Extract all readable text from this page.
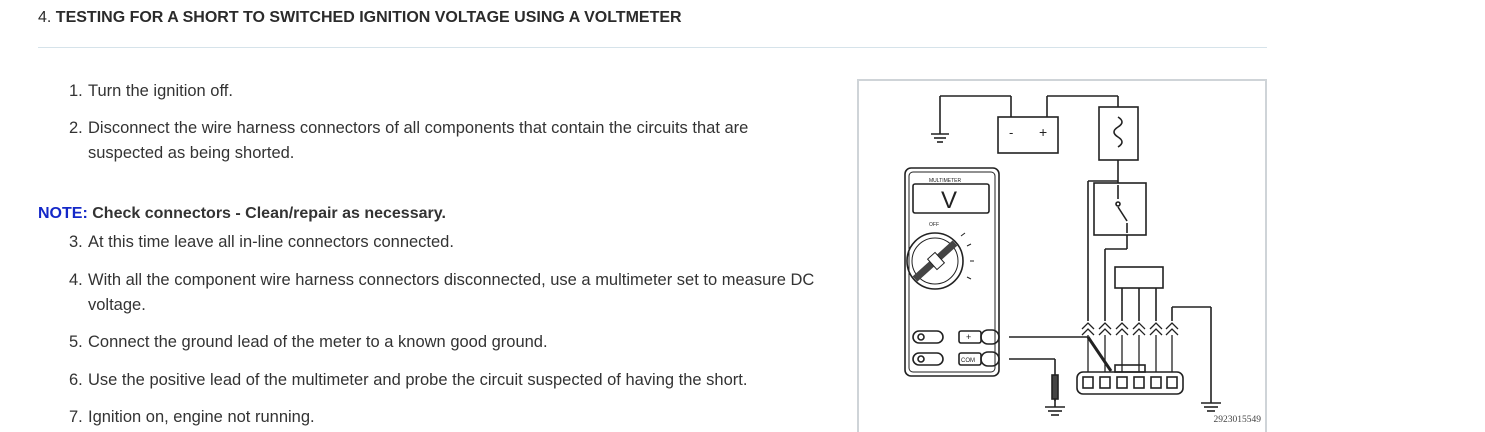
4. TESTING FOR A SHORT TO SWITCHED IGNITION VOLTAGE USING A VOLTMETER
1. Turn the ignition off.
2. Disconnect the wire harness connectors of all components that contain the circuits that are suspected as being shorted.
NOTE: Check connectors - Clean/repair as necessary.
3. At this time leave all in-line connectors connected.
4. With all the component wire harness connectors disconnected, use a multimeter set to measure DC voltage.
5. Connect the ground lead of the meter to a known good ground.
6. Use the positive lead of the multimeter and probe the circuit suspected of having the short.
7. Ignition on, engine not running.
- +
MULTIMETER
V
OFF
+
COM
2923015549
